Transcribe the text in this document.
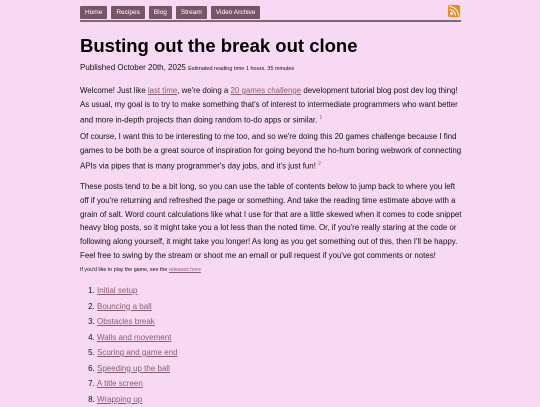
Home	Recipes	Blog	Stream	Video Archive
Busting out the break out clone
Published October 20th, 2025 Estimated reading time 1 hours, 35 minutes

Welcome! Just like last time, we're doing a 20 games challenge development tutorial blog post dev log thing! As usual, my goal is to try to make something that's of interest to intermediate programmers who want better and more in-depth projects than doing random to-do apps or similar. $^1$

Of course, I want this to be interesting to me too, and so we're doing this 20 games challenge because I find games to be both be a great source of inspiration for going beyond the ho-hum boring webwork of connecting APIs via pipes that is many programmer's day jobs, and it's just fun! $^2$

These posts tend to be a bit long, so you can use the table of contents below to jump back to where you left off if you're returning and refreshed the page or something. And take the reading time estimate above with a grain of salt. Word count calculations like what I use for that are a little skewed when it comes to code snippet heavy blog posts, so it might take you a lot less than the noted time. Or, if you're really staring at the code or following along yourself, it might take you longer! As long as you get something out of this, then I'll be happy. Feel free to swing by the stream or shoot me an email or pull request if you've got comments or notes!

If you'd like to play the game, see the releases here
1. Initial setup
2. Bouncing a ball
3. Obstacles break
4. Walls and movement
5. Scoring and game end
6. Speeding up the ball
7. A title screen
8. Wrapping up
